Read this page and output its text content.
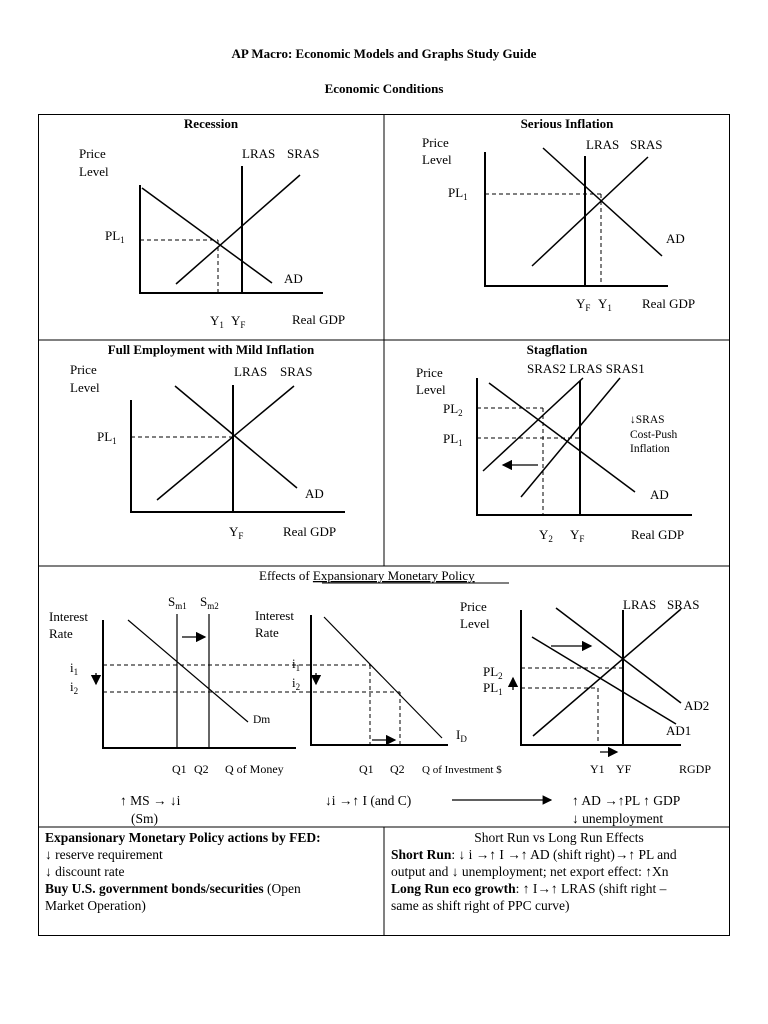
AP Macro: Economic Models and Graphs Study Guide
Economic Conditions
Recession
Price
Level
LRAS SRAS
AD
$PL_1$
$Y_1$ $Y_F$	Real GDP
Serious Inflation
Price
Level
LRAS SRAS
AD
$PL_1$
$Y_F$ $Y_1$ Real GDP
Full Employment with Mild Inflation
Price
Level
LRAS SRAS
AD
$PL_1$
$Y_F$	Real GDP
Stagflation
Price
Level
SRAS2 LRAS SRAS1
AD
$PL_2$
$PL_1$
↓SRAS
Cost-Push
Inflation
$Y_2$ $Y_F$	Real GDP
Effects of Expansionary Monetary Policy
$S_{m1}$ $S_{m2}$
Interest
Rate
$i_1$
$i_2$
Dm
Q1 Q2 Q of Money
Interest
Rate
$i_1$
$i_2$
$I_D$
Q1 Q2 Q of Investment $
Price
Level
LRAS SRAS
$PL_2$
$PL_1$
AD2
AD1
Y1 YF	RGDP
↑ MS → ↓i
(Sm)
↓i →↑ I (and C)	↑ AD →↑PL ↑ GDP
↓ unemployment
Expansionary Monetary Policy actions by FED:
↓ reserve requirement
↓ discount rate
Buy U.S. government bonds/securities (Open
Market Operation)
Short Run vs Long Run Effects
Short Run: ↓ i →↑ I →↑ AD (shift right)→↑ PL and
output and ↓ unemployment; net export effect: ↑Xn
Long Run eco growth: ↑ I→↑ LRAS (shift right –
same as shift right of PPC curve)
